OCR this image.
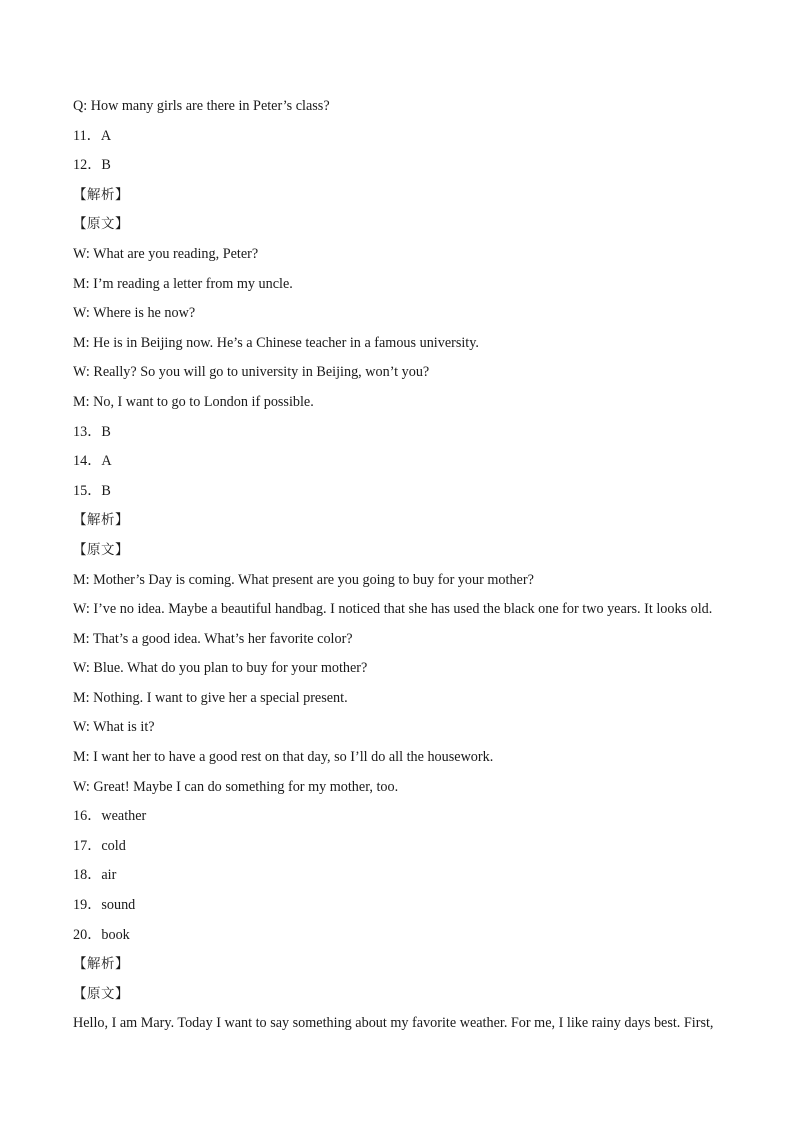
Q: How many girls are there in Peter’s class?
11．A
12．B
【解析】
【原文】
W: What are you reading, Peter?
M: I’m reading a letter from my uncle.
W: Where is he now?
M: He is in Beijing now. He’s a Chinese teacher in a famous university.
W: Really? So you will go to university in Beijing, won’t you?
M: No, I want to go to London if possible.
13．B
14．A
15．B
【解析】
【原文】
M: Mother’s Day is coming. What present are you going to buy for your mother?
W: I’ve no idea. Maybe a beautiful handbag. I noticed that she has used the black one for two years. It looks old.
M: That’s a good idea. What’s her favorite color?
W: Blue. What do you plan to buy for your mother?
M: Nothing. I want to give her a special present.
W: What is it?
M: I want her to have a good rest on that day, so I’ll do all the housework.
W: Great! Maybe I can do something for my mother, too.
16．weather
17．cold
18．air
19．sound
20．book
【解析】
【原文】
Hello, I am Mary. Today I want to say something about my favorite weather. For me, I like rainy days best. First,
